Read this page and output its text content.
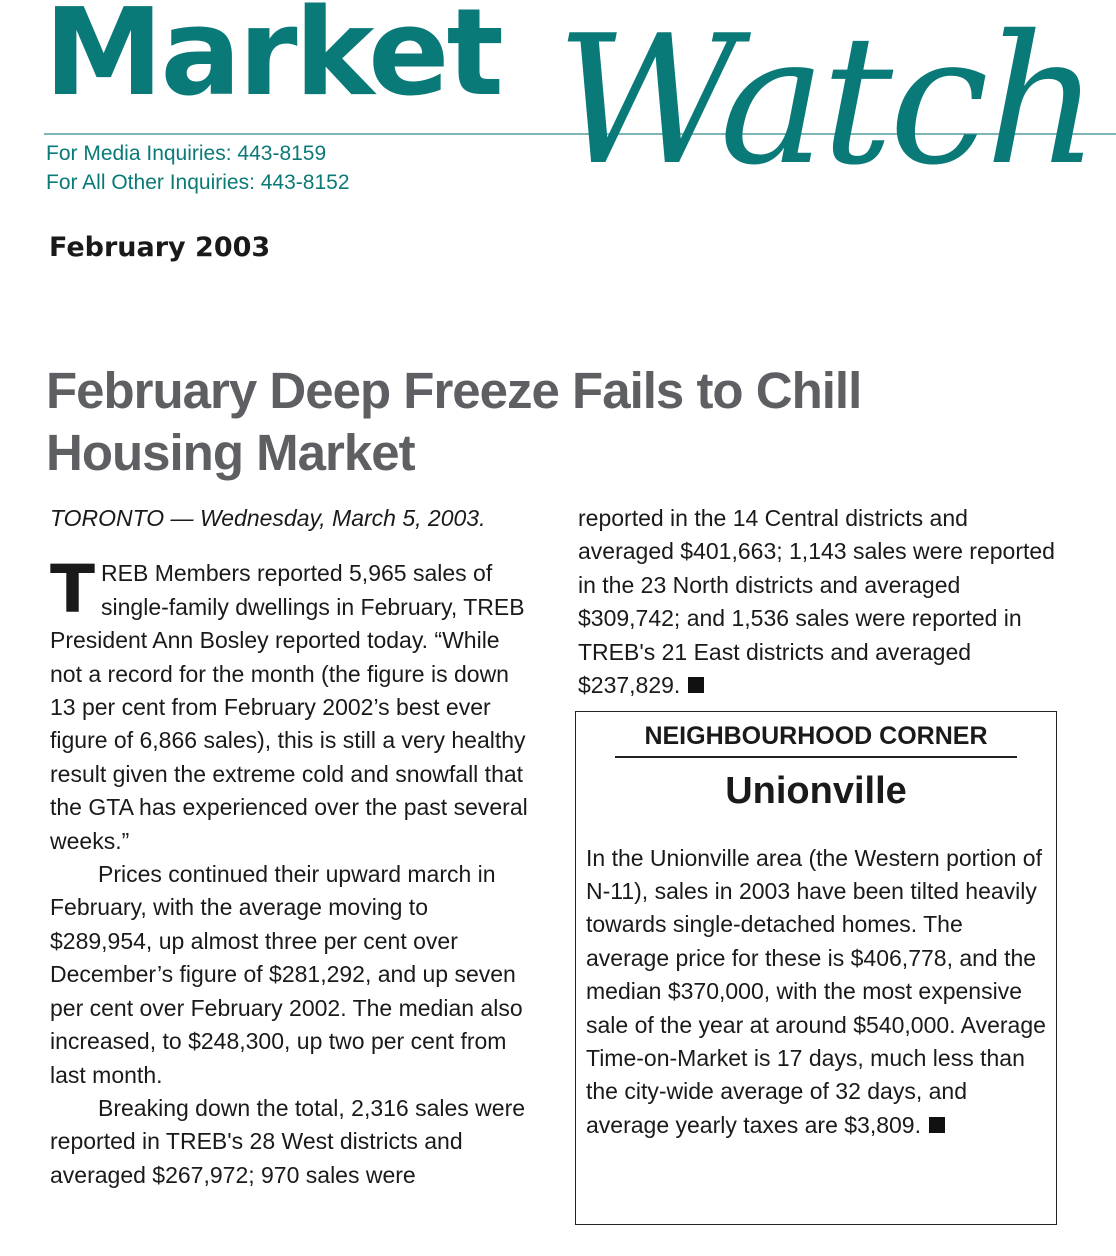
Market Watch

For Media Inquiries: 443-8159

For All Other Inquiries: 443-8152

February 2003

February Deep Freeze Fails to Chill Housing Market

TORONTO — Wednesday, March 5, 2003.

TREB Members reported 5,965 sales of single-family dwellings in February, TREB President Ann Bosley reported today. “While not a record for the month (the figure is down 13 per cent from February 2002’s best ever figure of 6,866 sales), this is still a very healthy result given the extreme cold and snowfall that the GTA has experienced over the past several weeks.”

Prices continued their upward march in February, with the average moving to $289,954, up almost three per cent over December’s figure of $281,292, and up seven per cent over February 2002. The median also increased, to $248,300, up two per cent from last month.

Breaking down the total, 2,316 sales were reported in TREB's 28 West districts and averaged $267,972; 970 sales were

reported in the 14 Central districts and averaged $401,663; 1,143 sales were reported in the 23 North districts and averaged $309,742; and 1,536 sales were reported in TREB's 21 East districts and averaged $237,829.

NEIGHBOURHOOD CORNER

Unionville

In the Unionville area (the Western portion of N-11), sales in 2003 have been tilted heavily towards single-detached homes. The average price for these is $406,778, and the median $370,000, with the most expensive sale of the year at around $540,000. Average Time-on-Market is 17 days, much less than the city-wide average of 32 days, and average yearly taxes are $3,809.
